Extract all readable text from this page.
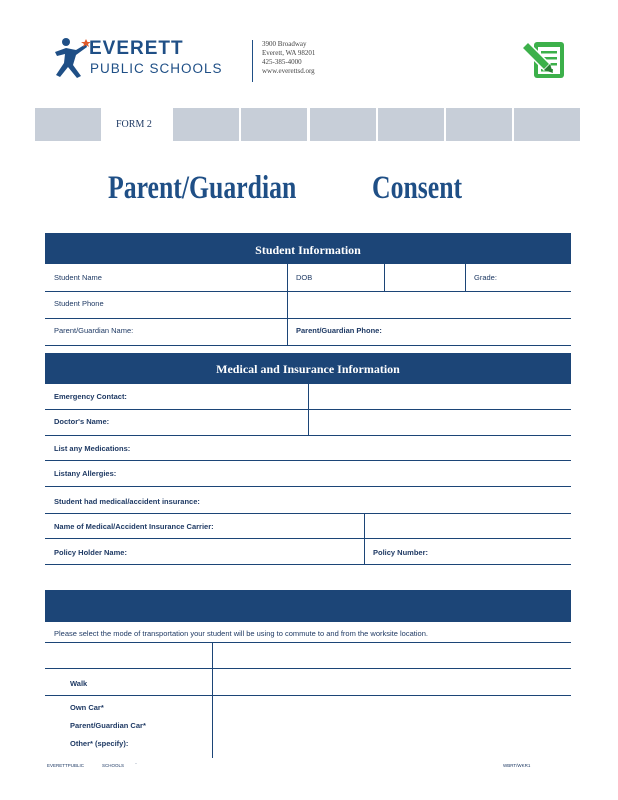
EVERETT
PUBLIC SCHOOLS
3900 Broadway
Everett, WA 98201
425-385-4000
www.everettsd.org
FORM 2
Parent/Guardian Consent
Student Information
Student Name	DOB	Grade:
Student Phone
Parent/Guardian Name:	Parent/Guardian Phone:
Medical and Insurance Information
Emergency Contact:
Doctor's Name:
List any Medications:
Listany Allergies:
Student had medical/accident insurance:
Name of Medical/Accident Insurance Carrier:
Policy Holder Name:	Policy Number:
Please select the mode of transportation your student will be using to commute to and from the worksite location.
Walk
Own Car*
Parent/Guardian Car*
Other* (specify):
EVERETTPUBLIC	SCHOOLS ·	WBRT/WKR1
